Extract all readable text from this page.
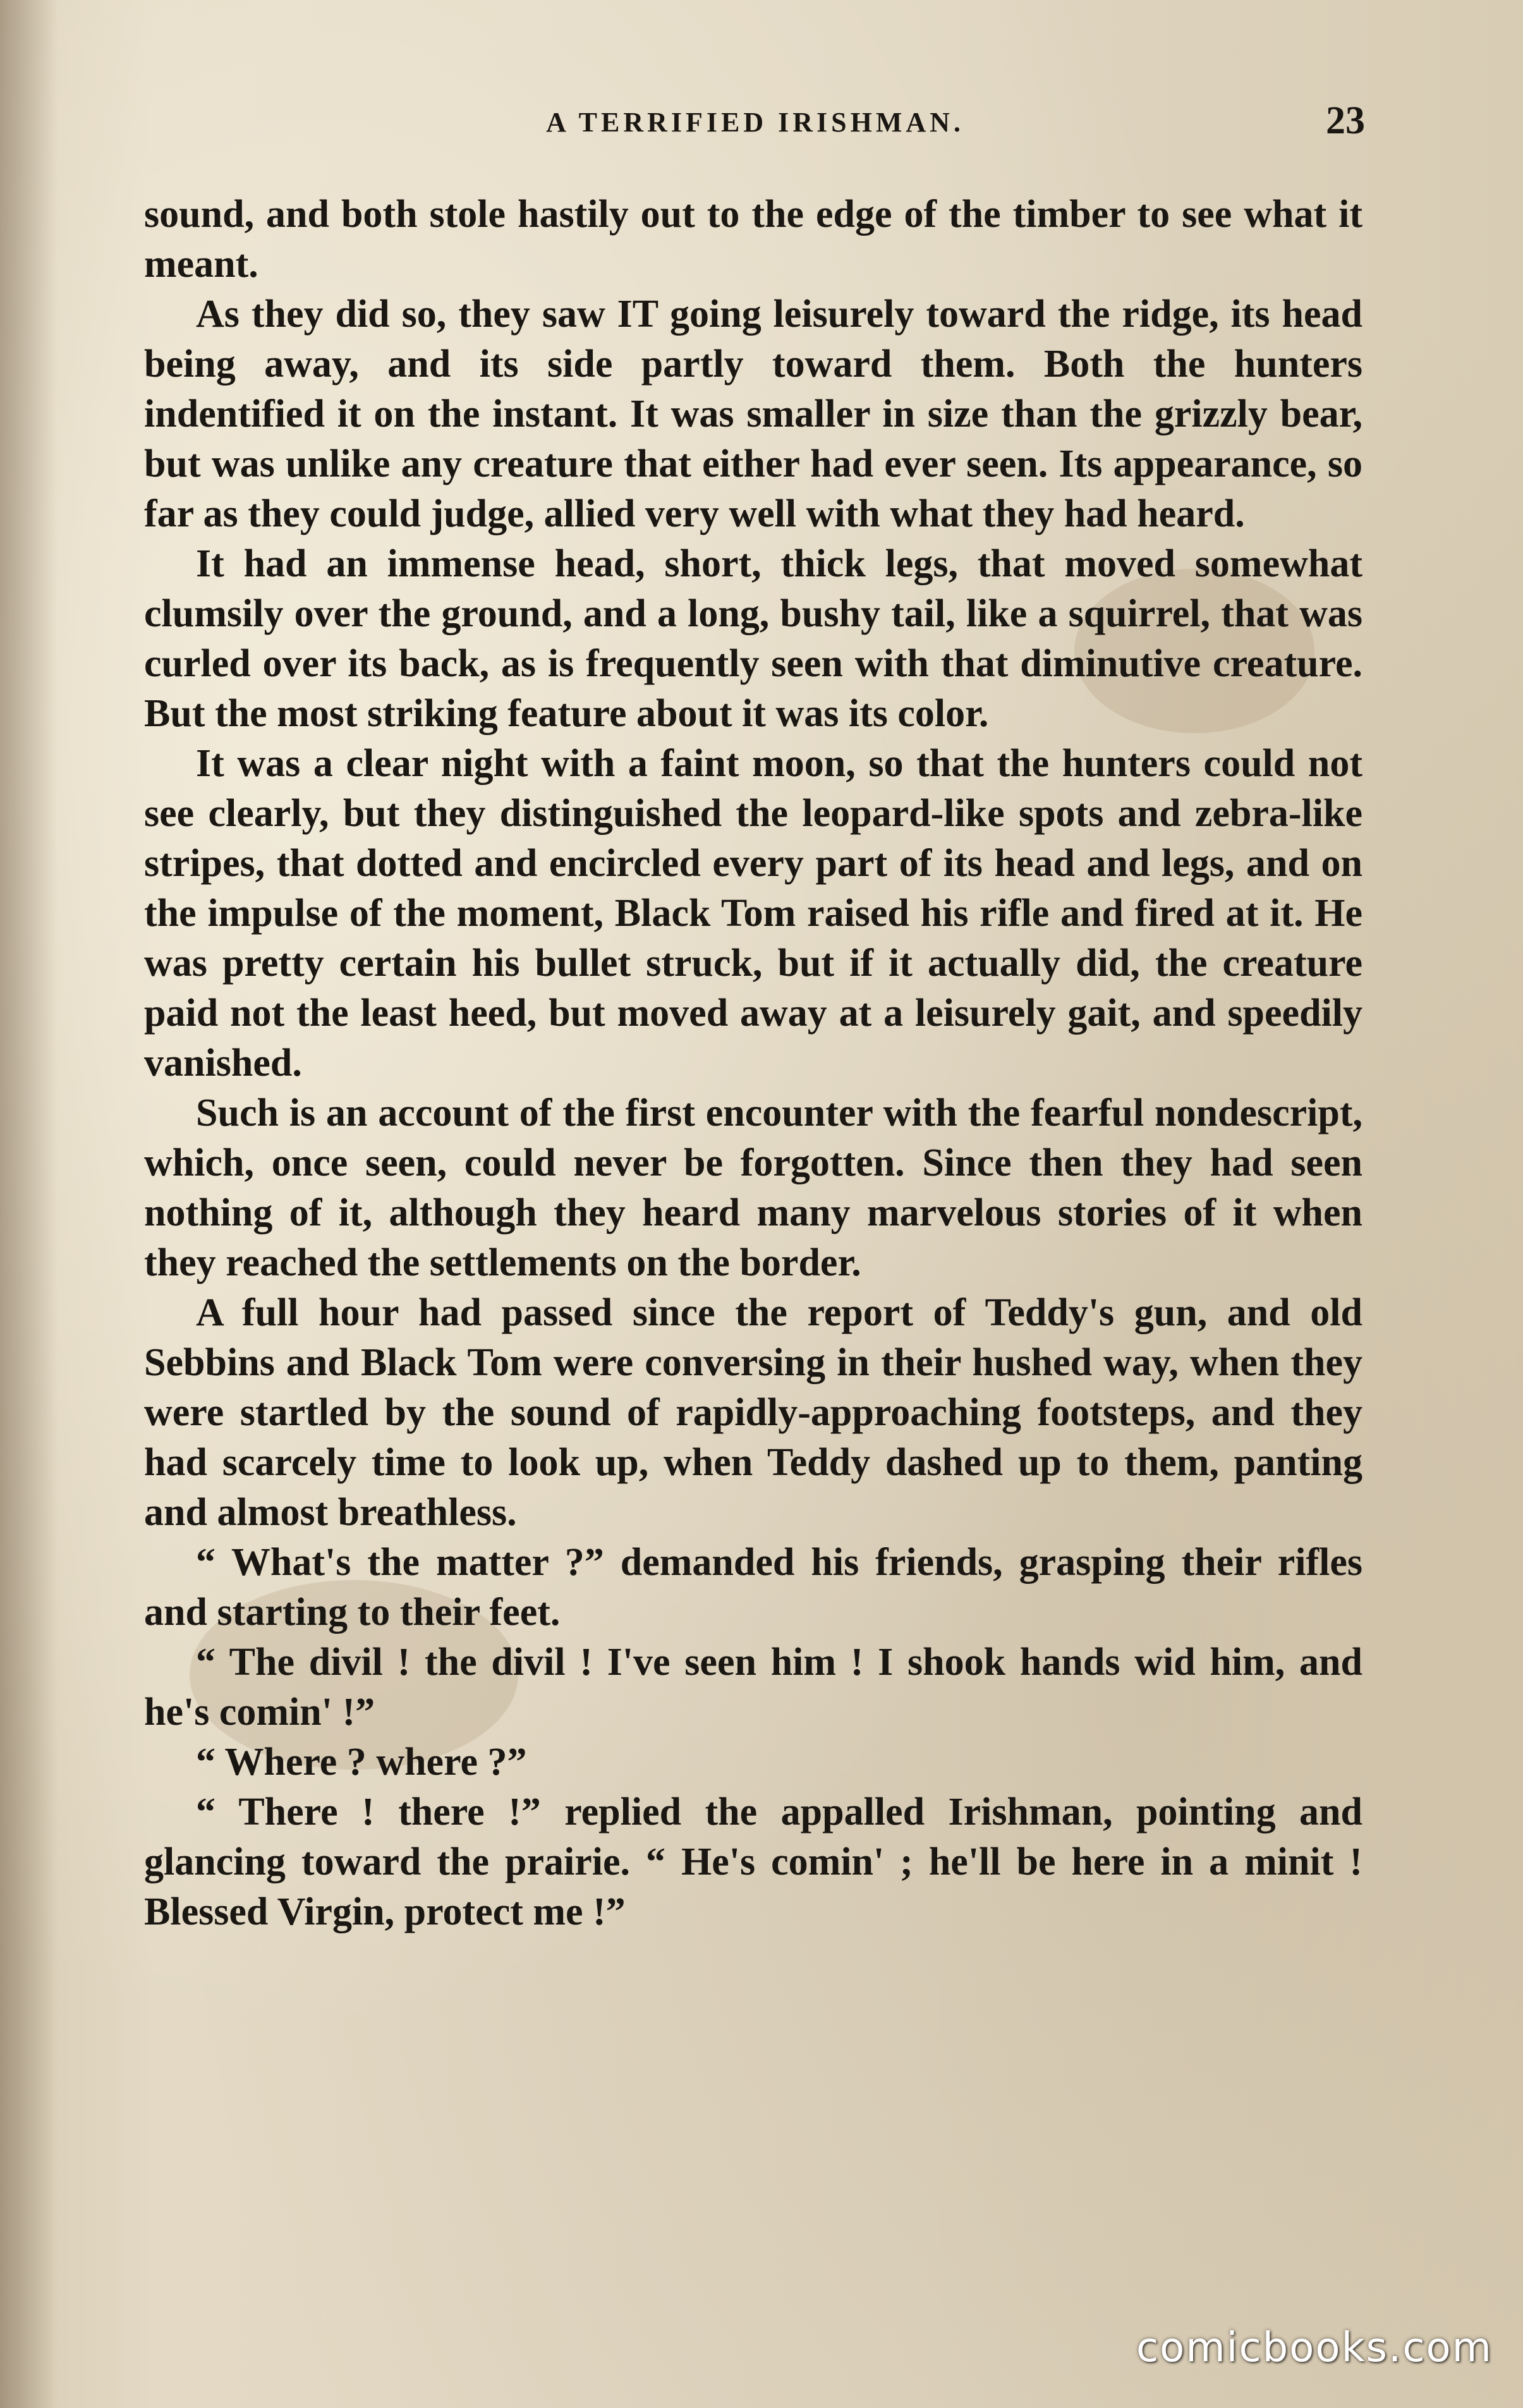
A TERRIFIED IRISHMAN.	23

sound, and both stole hastily out to the edge of the timber to see what it meant.

As they did so, they saw IT going leisurely toward the ridge, its head being away, and its side partly toward them. Both the hunters indentified it on the instant. It was smaller in size than the grizzly bear, but was unlike any creature that either had ever seen. Its appearance, so far as they could judge, allied very well with what they had heard.

It had an immense head, short, thick legs, that moved somewhat clumsily over the ground, and a long, bushy tail, like a squirrel, that was curled over its back, as is frequently seen with that diminutive creature. But the most striking feature about it was its color.

It was a clear night with a faint moon, so that the hunters could not see clearly, but they distinguished the leopard-like spots and zebra-like stripes, that dotted and encircled every part of its head and legs, and on the impulse of the moment, Black Tom raised his rifle and fired at it. He was pretty certain his bullet struck, but if it actually did, the creature paid not the least heed, but moved away at a leisurely gait, and speedily vanished.

Such is an account of the first encounter with the fearful nondescript, which, once seen, could never be forgotten. Since then they had seen nothing of it, although they heard many marvelous stories of it when they reached the settlements on the border.

A full hour had passed since the report of Teddy's gun, and old Sebbins and Black Tom were conversing in their hushed way, when they were startled by the sound of rapidly-approaching footsteps, and they had scarcely time to look up, when Teddy dashed up to them, panting and almost breathless.

“ What's the matter ?” demanded his friends, grasping their rifles and starting to their feet.

“ The divil ! the divil ! I've seen him ! I shook hands wid him, and he's comin' !”

“ Where ? where ?”

“ There ! there !” replied the appalled Irishman, pointing and glancing toward the prairie. “ He's comin' ; he'll be here in a minit ! Blessed Virgin, protect me !”

comicbooks.com
